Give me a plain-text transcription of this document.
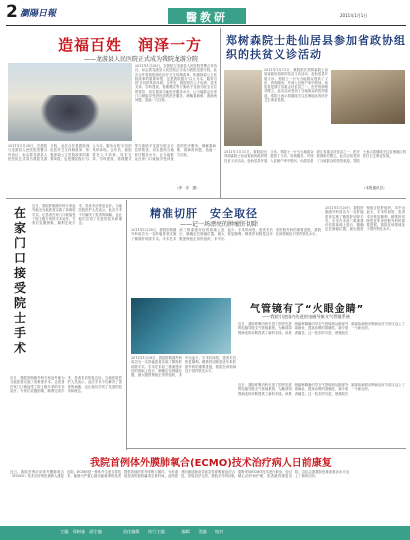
2 瀏陽日報	醫教研	2011年1月1日
造福百姓　润泽一方
——龙游县人民医院正式成为我院龙游分院
2011年1月28日，在我院与龙游县人民医院签署合作协议，标志着龙游县人民医院正式成为我院龙游分院。此次合作是我院深化医疗卫生体制改革、积极探索公立医院改革的重要举措，也是我院践行'以人为本、服务百姓'宗旨的具体体现。合作后，我院将在人才培养、技术支持、学科建设、管理模式等方面给予龙游分院全方位的帮扶，切实提高当地医疗服务水平，让当地群众在家门口就能享受到优质的医疗服务，缓解看病难、看病贵问题，造福一方百姓。
2011年1月28日，在我院与龙游县人民医院签署合作协议，标志着龙游县人民医院正式成为我院龙游分院。此次合作是我院深化医疗卫生体制改革、积极探索公立医院改革的重要举措，也是我院践行'以人为本、服务百姓'宗旨的具体体现。合作后，我院将在人才培养、技术支持、学科建设、管理模式等方面给予龙游分院全方位的帮扶，切实提高当地医疗服务水平，让当地群众在家门口就能享受到优质的医疗服务，缓解看病难、看病贵问题，造福一方百姓。
（李　洋　摄）
郑树森院士赴仙居县参加省政协组织的扶贫义诊活动
2011年1月11日，我院院长郑树森院士参加省政协组织的扶贫义诊活动，赴仙居县开展义诊。郑院士一行为当地群众提供了义诊、咨询服务，并深入贫困户家中慰问。仙居县是浙江省重点扶贫县之一，医疗资源相对匮乏。此次活动受到了当地群众的热烈欢迎，郑院士表示将继续关注贫困地区的医疗卫生事业发展。
2011年1月11日，我院院长郑树森院士参加省政协组织的扶贫义诊活动，赴仙居县开展义诊。郑院士一行为当地群众提供了义诊、咨询服务，并深入贫困户家中慰问。仙居县是浙江省重点扶贫县之一，医疗资源相对匮乏。此次活动受到了当地群众的热烈欢迎，郑院士表示将继续关注贫困地区的医疗卫生事业发展。
（本报通讯员）
在家门口接受院士手术
近日，我院肝胆胰外科专家赴外地为当地患者实施了高难度手术，让患者在家门口就接受了院士级专家的手术治疗。专家们克服困难，顺利完成手术，患者术后恢复良好。当地医院医护人员表示，此次手术不仅解决了患者的病痛，也让他们学到了先进的技术和理念。
近日，我院肝胆胰外科专家赴外地为当地患者实施了高难度手术，让患者在家门口就接受了院士级专家的手术治疗。专家们克服困难，顺利完成手术，患者术后恢复良好。当地医院医护人员表示，此次手术不仅解决了患者的病痛，也让他们学到了先进的技术和理念。
精准切肝　安全取径
——记一场漂亮的肿瘤肝切除
2011年1月28日，我院肝胆胰外科成功为一名肝癌患者实施了精准肝切除手术。手术在术前三维重建评估的基础上进行，精确定位肿瘤位置，最大限度保留正常肝组织，术中出血少，手术时间短，患者术后恢复顺利。精准肝切除是近年来肝脏外科的重要进展，我院在该领域处于国内领先水平。
2011年1月28日，我院肝胆胰外科成功为一名肝癌患者实施了精准肝切除手术。手术在术前三维重建评估的基础上进行，精确定位肿瘤位置，最大限度保留正常肝组织，术中出血少，手术时间短，患者术后恢复顺利。精准肝切除是近年来肝脏外科的重要进展，我院在该领域处于国内领先水平。
2011年1月28日，我院肝胆胰外科成功为一名肝癌患者实施了精准肝切除手术。手术在术前三维重建评估的基础上进行，精确定位肿瘤位置，最大限度保留正常肝组织，术中出血少，手术时间短，患者术后恢复顺利。精准肝切除是近年来肝脏外科的重要进展，我院在该领域处于国内领先水平。
气管镜有了“火眼金睛”
——我院引进国内先进的电磁导航支气管镜系统
近日，我院呼吸内科引进了国内先进的电磁导航支气管镜系统，为肺部周围病变的诊断提供了新的手段。该系统能够精确引导支气管镜到达肺部外周病灶，提高诊断的准确性，减少患者痛苦。这一技术的引进，使我院在肺部疾病的诊断和治疗方面又迈上了一个新台阶。
近日，我院呼吸内科引进了国内先进的电磁导航支气管镜系统，为肺部周围病变的诊断提供了新的手段。该系统能够精确引导支气管镜到达肺部外周病灶，提高诊断的准确性，减少患者痛苦。这一技术的引进，使我院在肺部疾病的诊断和治疗方面又迈上了一个新台阶。
我院首例体外膜肺氧合(ECMO)技术治疗病人日前康复
近日，我院首例应用体外膜肺氧合（ECMO）技术治疗的危重病人康复出院。ECMO是一种体外生命支持技术，能够为严重心肺功能衰竭的患者提供持续的体外呼吸与循环，为危重症患者的抢救赢得宝贵时间。此例患者因重症肺炎导致急性呼吸窘迫综合征，常规治疗无效，我院多学科团队果断采用ECMO技术进行救治，经过精心治疗和护理，患者最终康复出院。这标志着我院危重症救治水平迈上了新的台阶。
主编　郑树森　副主编　　　　　责任编辑　　执行主编　　　　编辑　　美编　　校对
